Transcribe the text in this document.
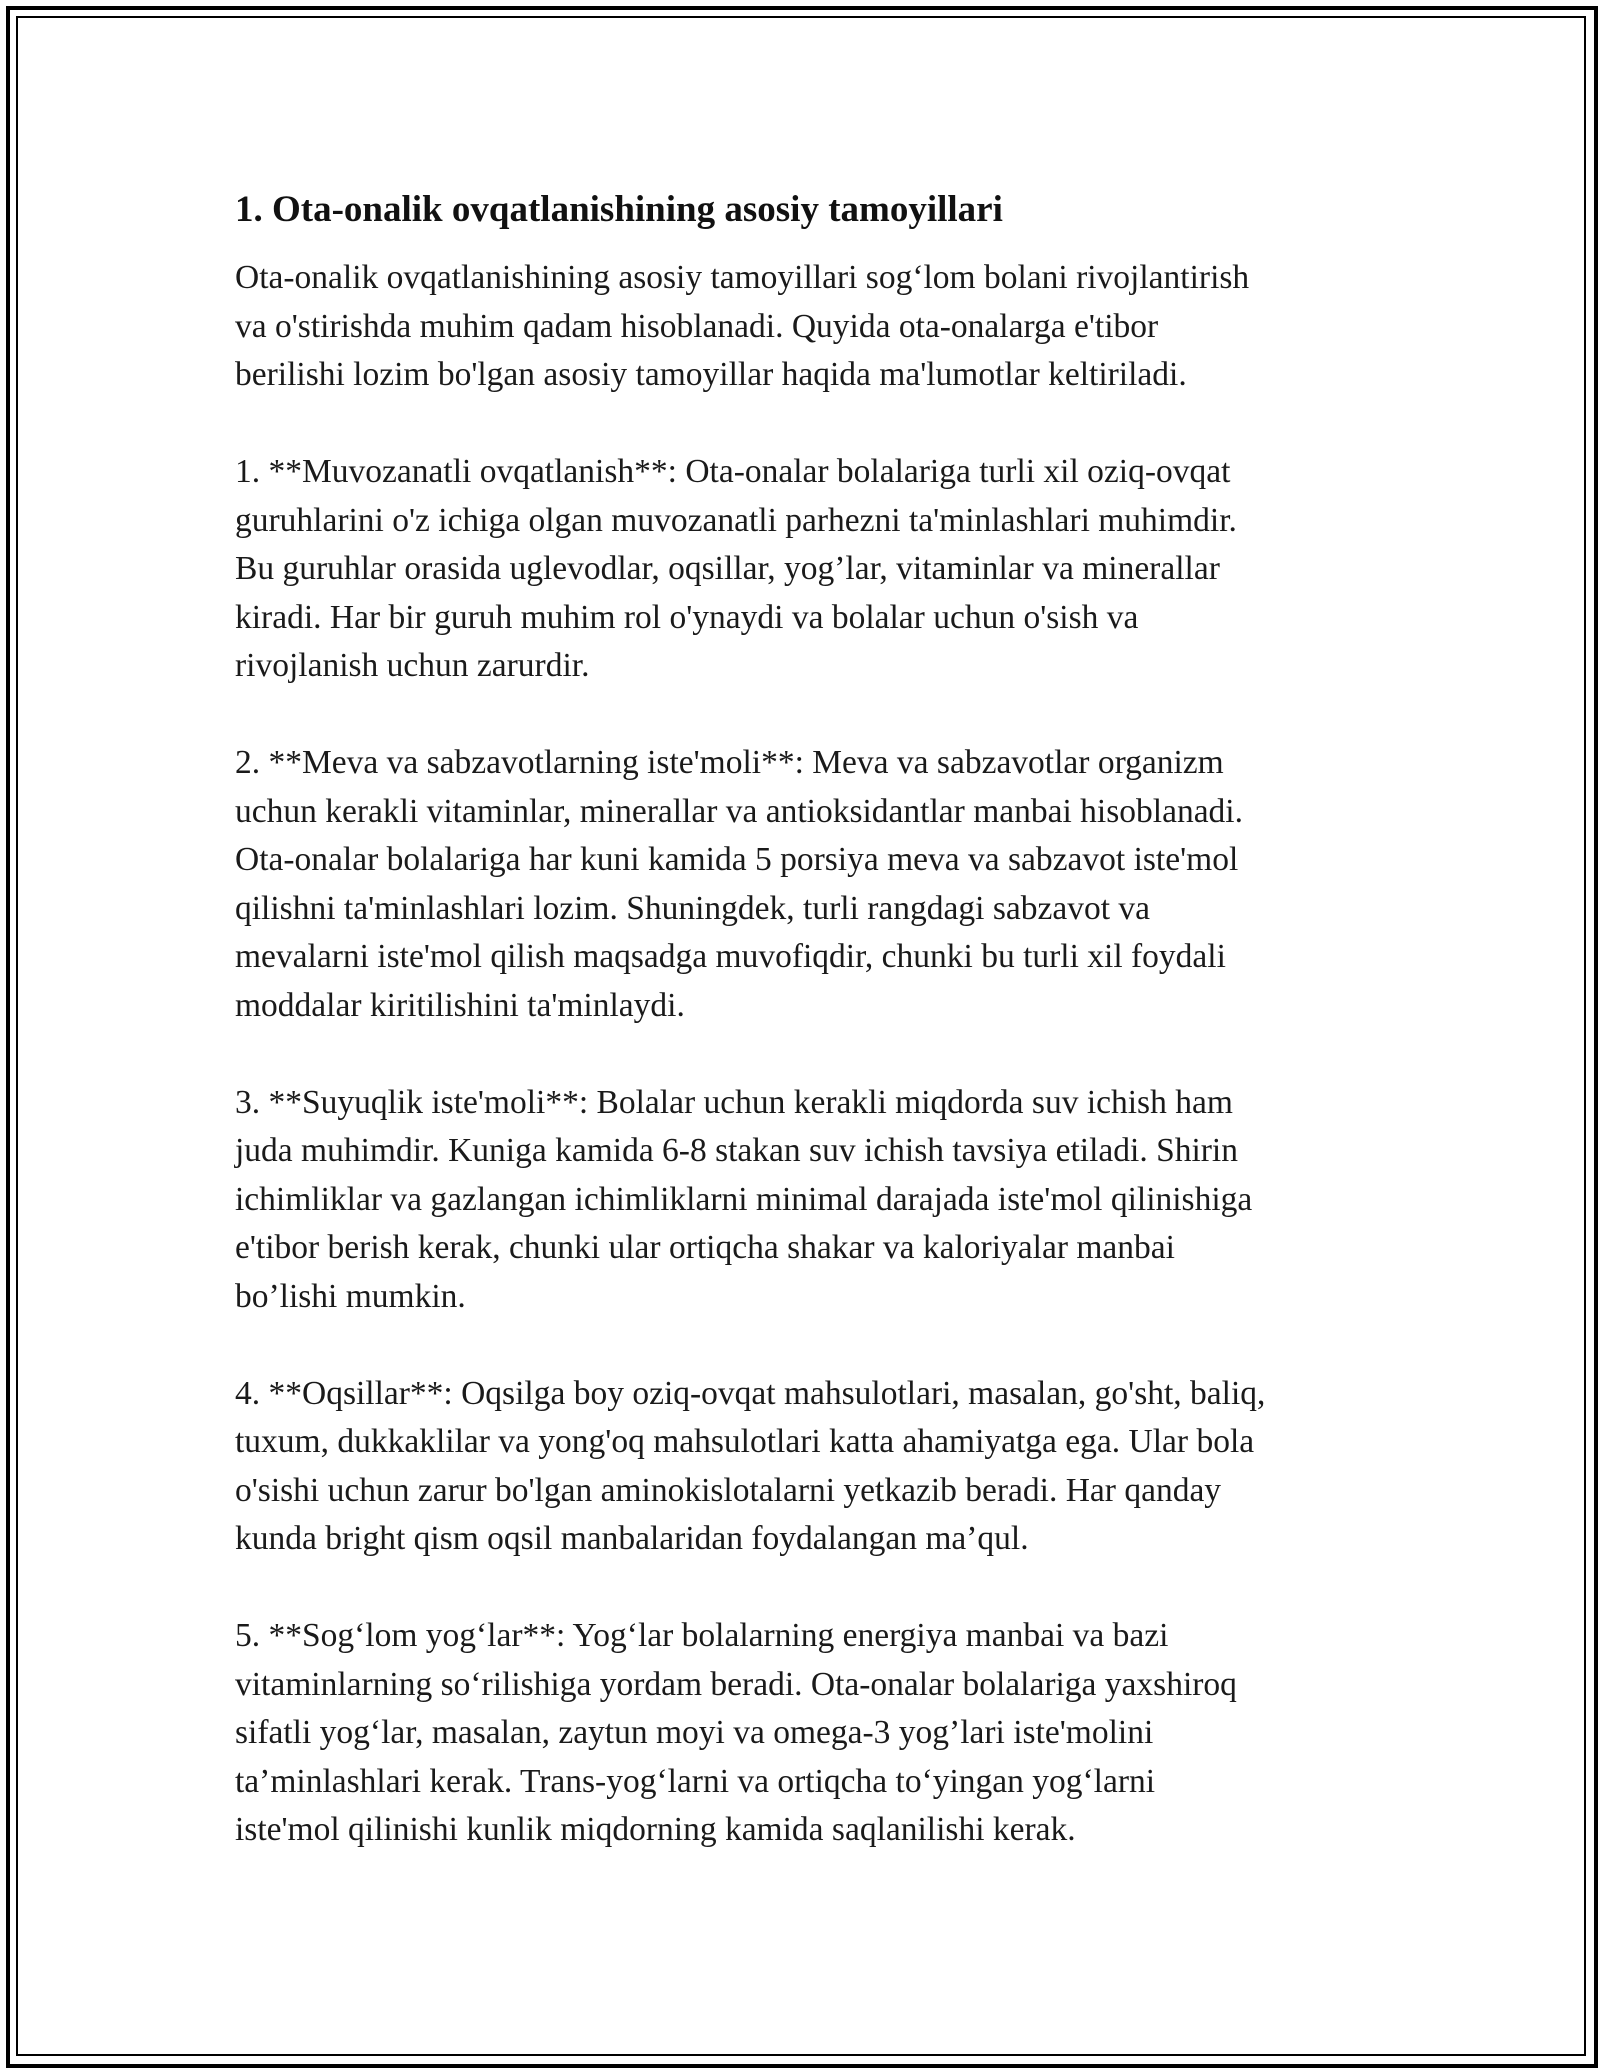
1. Ota-onalik ovqatlanishining asosiy tamoyillari

Ota-onalik ovqatlanishining asosiy tamoyillari sog‘lom bolani rivojlantirish
va o'stirishda muhim qadam hisoblanadi. Quyida ota-onalarga e'tibor
berilishi lozim bo'lgan asosiy tamoyillar haqida ma'lumotlar keltiriladi.

1. **Muvozanatli ovqatlanish**: Ota-onalar bolalariga turli xil oziq-ovqat
guruhlarini o'z ichiga olgan muvozanatli parhezni ta'minlashlari muhimdir.
Bu guruhlar orasida uglevodlar, oqsillar, yog’lar, vitaminlar va minerallar
kiradi. Har bir guruh muhim rol o'ynaydi va bolalar uchun o'sish va
rivojlanish uchun zarurdir.

2. **Meva va sabzavotlarning iste'moli**: Meva va sabzavotlar organizm
uchun kerakli vitaminlar, minerallar va antioksidantlar manbai hisoblanadi.
Ota-onalar bolalariga har kuni kamida 5 porsiya meva va sabzavot iste'mol
qilishni ta'minlashlari lozim. Shuningdek, turli rangdagi sabzavot va
mevalarni iste'mol qilish maqsadga muvofiqdir, chunki bu turli xil foydali
moddalar kiritilishini ta'minlaydi.

3. **Suyuqlik iste'moli**: Bolalar uchun kerakli miqdorda suv ichish ham
juda muhimdir. Kuniga kamida 6-8 stakan suv ichish tavsiya etiladi. Shirin
ichimliklar va gazlangan ichimliklarni minimal darajada iste'mol qilinishiga
e'tibor berish kerak, chunki ular ortiqcha shakar va kaloriyalar manbai
bo’lishi mumkin.

4. **Oqsillar**: Oqsilga boy oziq-ovqat mahsulotlari, masalan, go'sht, baliq,
tuxum, dukkaklilar va yong'oq mahsulotlari katta ahamiyatga ega. Ular bola
o'sishi uchun zarur bo'lgan aminokislotalarni yetkazib beradi. Har qanday
kunda bright qism oqsil manbalaridan foydalangan ma’qul.

5. **Sog‘lom yog‘lar**: Yog‘lar bolalarning energiya manbai va bazi
vitaminlarning so‘rilishiga yordam beradi. Ota-onalar bolalariga yaxshiroq
sifatli yog‘lar, masalan, zaytun moyi va omega-3 yog’lari iste'molini
ta’minlashlari kerak. Trans-yog‘larni va ortiqcha to‘yingan yog‘larni
iste'mol qilinishi kunlik miqdorning kamida saqlanilishi kerak.
